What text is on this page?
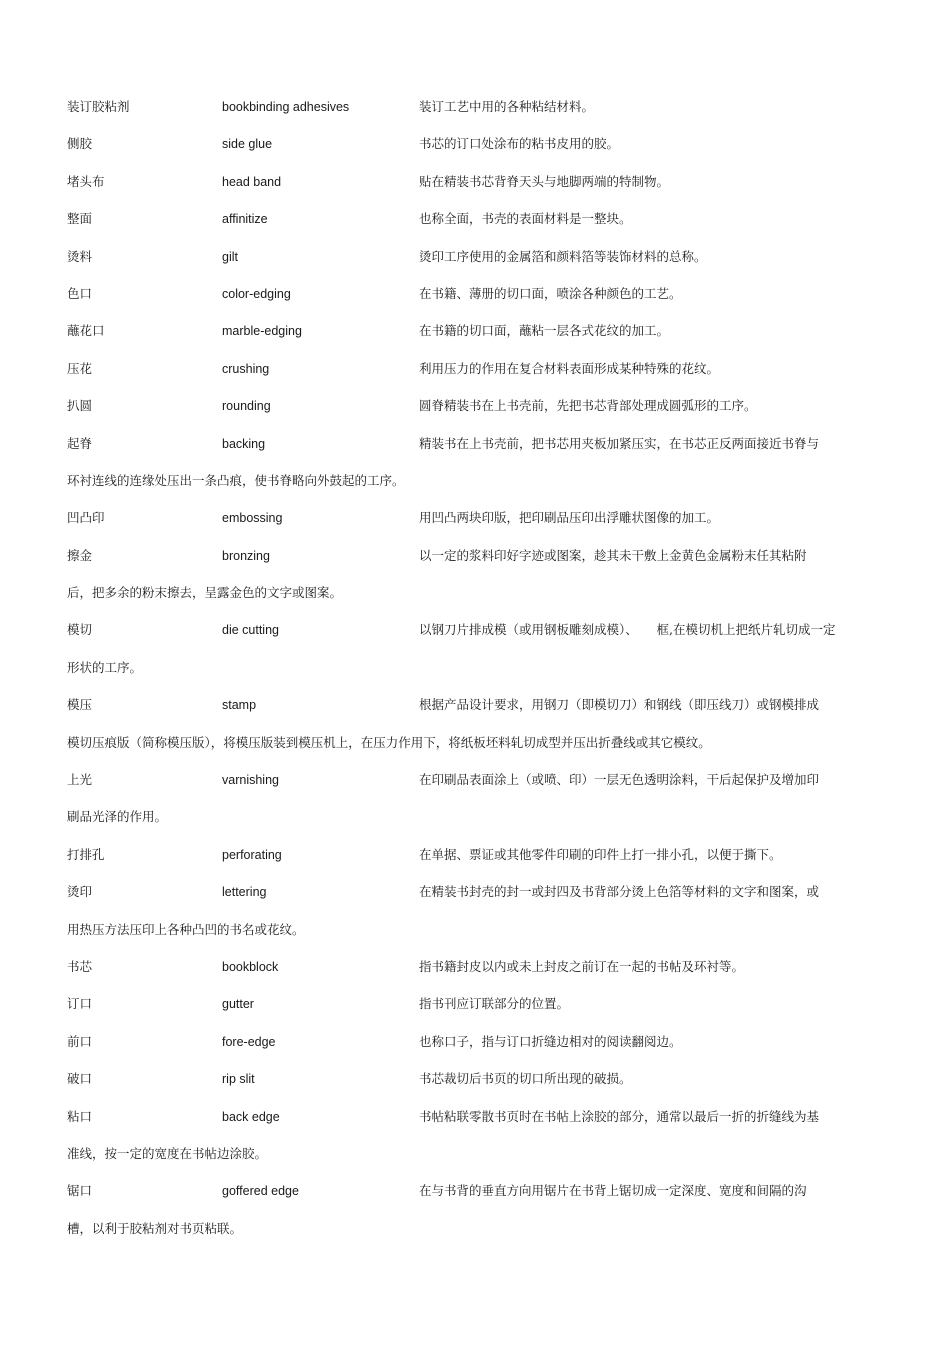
装订胶粘剂	bookbinding adhesives	装订工艺中用的各种粘结材料。
侧胶	side glue	书芯的订口处涂布的粘书皮用的胶。
堵头布	head band	贴在精装书芯背脊天头与地脚两端的特制物。
整面	affinitize	也称全面，书壳的表面材料是一整块。
烫料	gilt	烫印工序使用的金属箔和颜料箔等装饰材料的总称。
色口	color-edging	在书籍、薄册的切口面，喷涂各种颜色的工艺。
蘸花口	marble-edging	在书籍的切口面，蘸粘一层各式花纹的加工。
压花	crushing	利用压力的作用在复合材料表面形成某种特殊的花纹。
扒圆	rounding	圆脊精装书在上书壳前，先把书芯背部处理成圆弧形的工序。
起脊	backing	精装书在上书壳前，把书芯用夹板加紧压实，在书芯正反两面接近书脊与
环衬连线的连缘处压出一条凸痕，使书脊略向外鼓起的工序。
凹凸印	embossing	用凹凸两块印版，把印刷品压印出浮雕状图像的加工。
擦金	bronzing	以一定的浆料印好字迹或图案，趁其未干敷上金黄色金属粉末任其粘附
后，把多余的粉末擦去，呈露金色的文字或图案。
模切	die cutting	以钢刀片排成模（或用钢板雕刻成模）、　　框,在模切机上把纸片轧切成一定
形状的工序。
模压	stamp	根据产品设计要求，用钢刀（即模切刀）和钢线（即压线刀）或钢模排成
模切压痕版（简称模压版），将模压版装到模压机上，在压力作用下，将纸板坯料轧切成型并压出折叠线或其它模纹。
上光	varnishing	在印刷品表面涂上（或喷、印）一层无色透明涂料，干后起保护及增加印
刷品光泽的作用。
打排孔	perforating	在单据、票证或其他零件印刷的印件上打一排小孔，以便于撕下。
烫印	lettering	在精装书封壳的封一或封四及书背部分烫上色箔等材料的文字和图案，或
用热压方法压印上各种凸凹的书名或花纹。
书芯	bookblock	指书籍封皮以内或未上封皮之前订在一起的书帖及环衬等。
订口	gutter	指书刊应订联部分的位置。
前口	fore-edge	也称口子，指与订口折缝边相对的阅读翻阅边。
破口	rip slit	书芯裁切后书页的切口所出现的破损。
粘口	back edge	书帖粘联零散书页时在书帖上涂胶的部分，通常以最后一折的折缝线为基
准线，按一定的宽度在书帖边涂胶。
锯口	goffered edge	在与书背的垂直方向用锯片在书背上锯切成一定深度、宽度和间隔的沟
槽，以利于胶粘剂对书页粘联。
